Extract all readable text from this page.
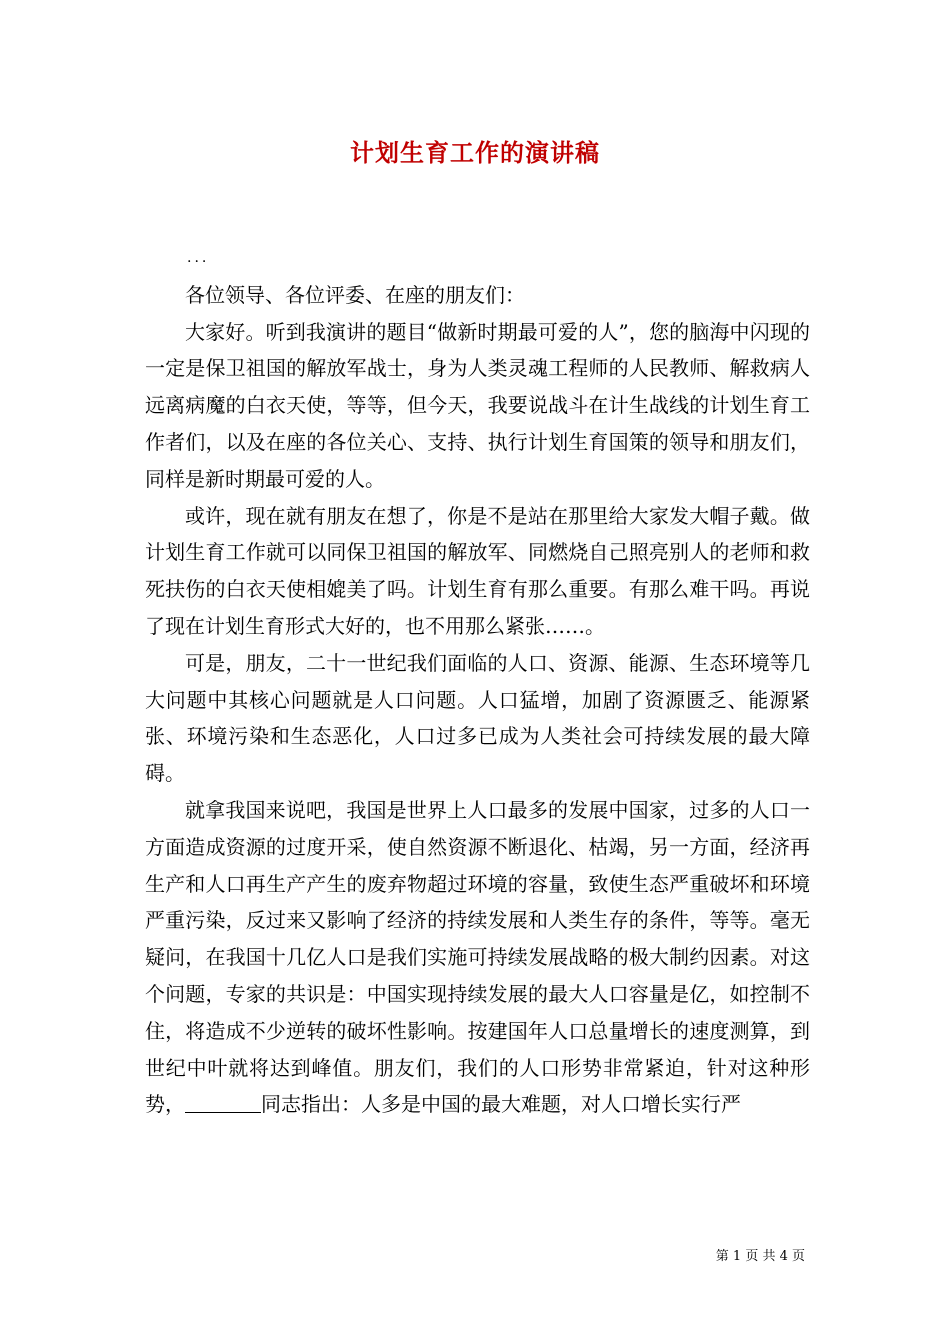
计划生育工作的演讲稿

...

各位领导、各位评委、在座的朋友们：

大家好。听到我演讲的题目“做新时期最可爱的人”，您的脑海中闪现的一定是保卫祖国的解放军战士，身为人类灵魂工程师的人民教师、解救病人远离病魔的白衣天使，等等，但今天，我要说战斗在计生战线的计划生育工作者们，以及在座的各位关心、支持、执行计划生育国策的领导和朋友们，同样是新时期最可爱的人。

或许，现在就有朋友在想了，你是不是站在那里给大家发大帽子戴。做计划生育工作就可以同保卫祖国的解放军、同燃烧自己照亮别人的老师和救死扶伤的白衣天使相媲美了吗。计划生育有那么重要。有那么难干吗。再说了现在计划生育形式大好的，也不用那么紧张……。

可是，朋友，二十一世纪我们面临的人口、资源、能源、生态环境等几大问题中其核心问题就是人口问题。人口猛增，加剧了资源匮乏、能源紧张、环境污染和生态恶化，人口过多已成为人类社会可持续发展的最大障碍。

就拿我国来说吧，我国是世界上人口最多的发展中国家，过多的人口一方面造成资源的过度开采，使自然资源不断退化、枯竭，另一方面，经济再生产和人口再生产产生的废弃物超过环境的容量，致使生态严重破坏和环境严重污染，反过来又影响了经济的持续发展和人类生存的条件，等等。毫无疑问，在我国十几亿人口是我们实施可持续发展战略的极大制约因素。对这个问题，专家的共识是：中国实现持续发展的最大人口容量是亿，如控制不住，将造成不少逆转的破坏性影响。按建国年人口总量增长的速度测算，到世纪中叶就将达到峰值。朋友们，我们的人口形势非常紧迫，针对这种形势，	同志指出：人多是中国的最大难题，对人口增长实行严

第 1 页 共 4 页
